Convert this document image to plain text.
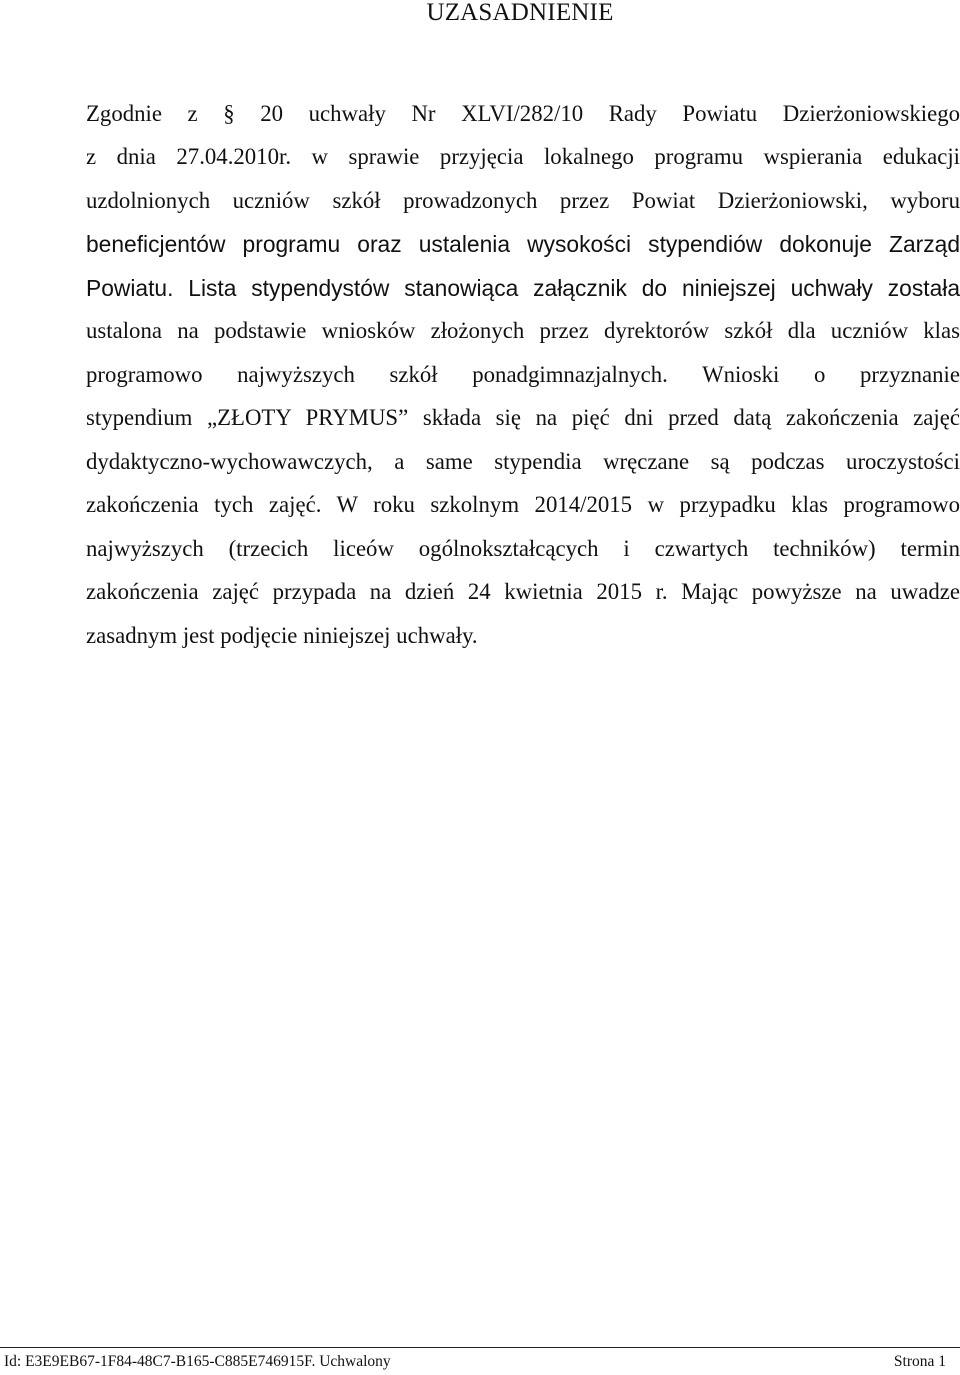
UZASADNIENIE
Zgodnie z § 20 uchwały Nr XLVI/282/10 Rady Powiatu Dzierżoniowskiego
z dnia 27.04.2010r. w sprawie przyjęcia lokalnego programu wspierania edukacji
uzdolnionych uczniów szkół prowadzonych przez Powiat Dzierżoniowski, wyboru
beneficjentów programu oraz ustalenia wysokości stypendiów dokonuje Zarząd
Powiatu. Lista stypendystów stanowiąca załącznik do niniejszej uchwały została
ustalona na podstawie wniosków złożonych przez dyrektorów szkół dla uczniów klas
programowo najwyższych szkół ponadgimnazjalnych. Wnioski o przyznanie
stypendium „ZŁOTY PRYMUS” składa się na pięć dni przed datą zakończenia zajęć
dydaktyczno-wychowawczych, a same stypendia wręczane są podczas uroczystości
zakończenia tych zajęć. W roku szkolnym 2014/2015 w przypadku klas programowo
najwyższych (trzecich liceów ogólnokształcących i czwartych techników) termin
zakończenia zajęć przypada na dzień 24 kwietnia 2015 r. Mając powyższe na uwadze
zasadnym jest podjęcie niniejszej uchwały.
Id: E3E9EB67-1F84-48C7-B165-C885E746915F. Uchwalony	Strona 1
